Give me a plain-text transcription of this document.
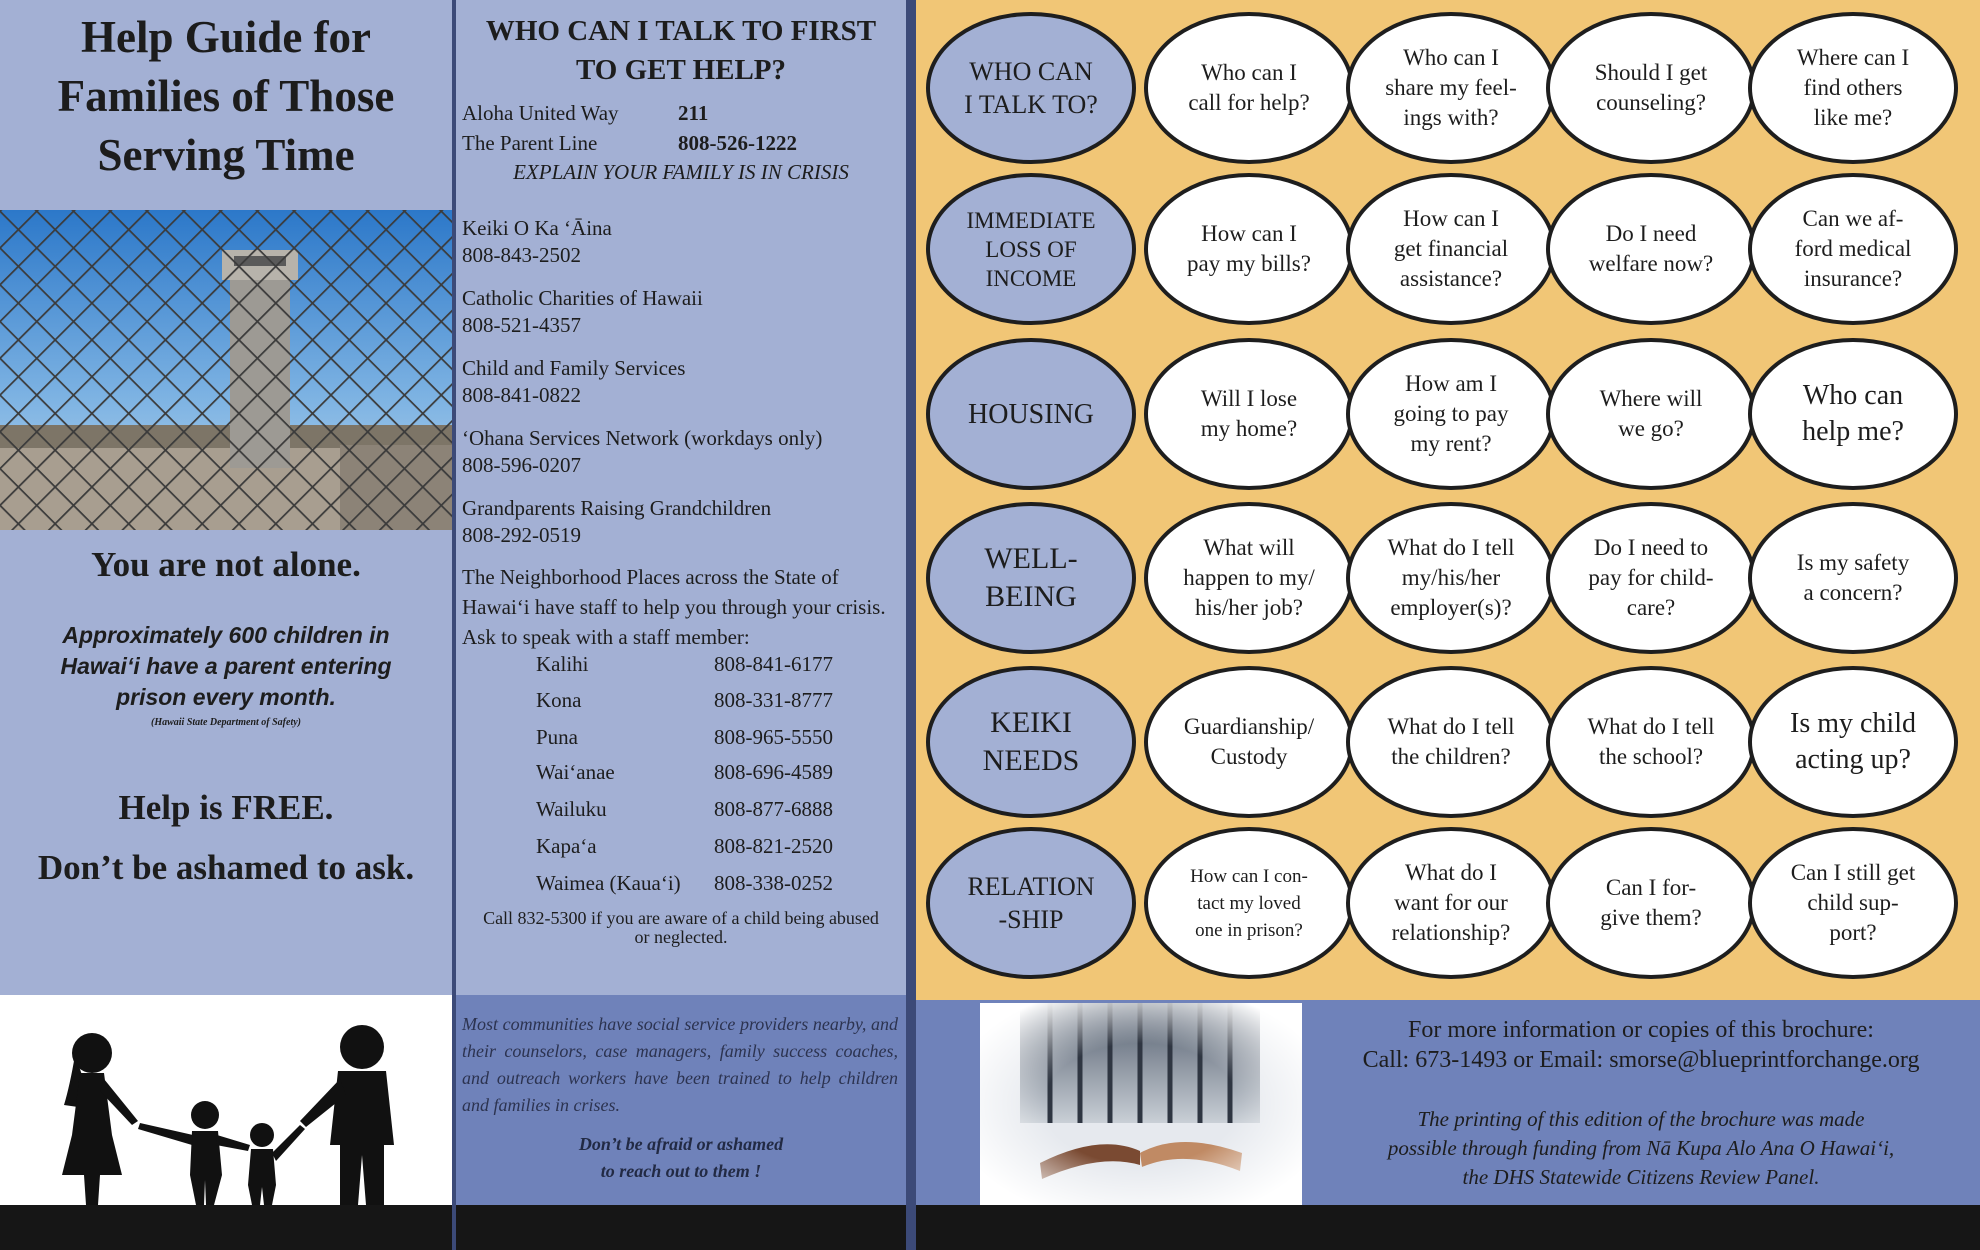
Help Guide for
Families of Those
Serving Time
You are not alone.
Approximately 600 children in
Hawai‘i have a parent entering
prison every month.
(Hawaii State Department of Safety)
Help is FREE.
Don’t be ashamed to ask.
WHO CAN I TALK TO FIRST
TO GET HELP?
Aloha United Way	211
The Parent Line	808-526-1222
EXPLAIN YOUR FAMILY IS IN CRISIS
Keiki O Ka ‘Āina
808-843-2502
Catholic Charities of Hawaii
808-521-4357
Child and Family Services
808-841-0822
‘Ohana Services Network (workdays only)
808-596-0207
Grandparents Raising Grandchildren
808-292-0519
The Neighborhood Places across the State of Hawai‘i have staff to help you through your crisis. Ask to speak with a staff member:
Kalihi	808-841-6177
Kona	808-331-8777
Puna	808-965-5550
Wai‘anae	808-696-4589
Wailuku	808-877-6888
Kapa‘a	808-821-2520
Waimea (Kaua‘i) 808-338-0252
Call 832-5300 if you are aware of a child being abused or neglected.
Most communities have social service providers nearby, and their counselors, case managers, family success coaches, and outreach workers have been trained to help children and families in crises.
Don’t be afraid or ashamed
to reach out to them !
WHO CAN
I TALK TO?
Who can I
call for help?
Who can I
share my feel-
ings with?
Should I get
counseling?
Where can I
find others
like me?
IMMEDIATE
LOSS OF
INCOME
How can I
pay my bills?
How can I
get financial
assistance?
Do I need
welfare now?
Can we af-
ford medical
insurance?
HOUSING	Will I lose
my home?
How am I
going to pay
my rent?
Where will
we go?
Who can
help me?
WELL-
BEING
What will
happen to my/
his/her job?
What do I tell
my/his/her
employer(s)?
Do I need to
pay for child-
care?
Is my safety
a concern?
KEIKI
NEEDS
Guardianship/
Custody
What do I tell
the children?
What do I tell
the school?
Is my child
acting up?
RELATION
-SHIP
How can I con-
tact my loved
one in prison?
What do I
want for our
relationship?
Can I for-
give them?
Can I still get
child sup-
port?
For more information or copies of this brochure:
Call: 673-1493 or Email: smorse@blueprintforchange.org
The printing of this edition of the brochure was made
possible through funding from Nā Kupa Alo Ana O Hawai‘i,
the DHS Statewide Citizens Review Panel.
